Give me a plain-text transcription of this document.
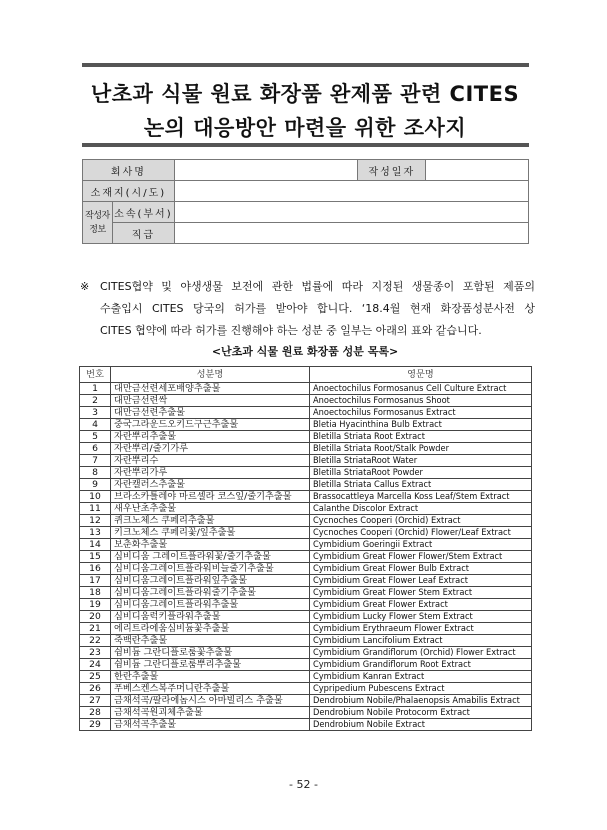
난초과 식물 원료 화장품 완제품 관련 CITES
논의 대응방안 마련을 위한 조사지
회사명			작성일자	
소재지(시/도)				
작성자 정보	소속(부서)			
	직급			
※ CITES협약 및 야생생물 보전에 관한 법률에 따라 지정된 생물종이 포함된 제품의
수출입시 CITES 당국의 허가를 받아야 합니다. ‘18.4월 현재 화장품성분사전 상
CITES 협약에 따라 허가를 진행해야 하는 성분 중 일부는 아래의 표와 같습니다.
<난초과 식물 원료 화장품 성분 목록>
번호	성분명	영문명
1	대만금선련세포배양추출물	Anoectochilus Formosanus Cell Culture Extract
2	대만금선련싹	Anoectochilus Formosanus Shoot
3	대만금선련추출물	Anoectochilus Formosanus Extract
4	중국그라운드오키드구근추출물	Bletia Hyacinthina Bulb Extract
5	자란뿌리추출물	Bletilla Striata Root Extract
6	자란뿌리/줄기가루	Bletilla Striata Root/Stalk Powder
7	자란뿌리수	Bletilla StriataRoot Water
8	자란뿌리가루	Bletilla StriataRoot Powder
9	자란캘러스추출물	Bletilla Striata Callus Extract
10	브라소카틀레야 마르셀라 코스잎/줄기추출물	Brassocattleya Marcella Koss Leaf/Stem Extract
11	새우난초추출물	Calanthe Discolor Extract
12	퀴크노체스 쿠페리추출물	Cycnoches Cooperi (Orchid) Extract
13	키크노체스 쿠페리꽃/잎추출물	Cycnoches Cooperi (Orchid) Flower/Leaf Extract
14	보춘화추출물	Cymbidium Goeringii Extract
15	심비디움 그레이트플라워꽃/줄기추출물	Cymbidium Great Flower Flower/Stem Extract
16	심비디움그레이트플라워비늘줄기추출물	Cymbidium Great Flower Bulb Extract
17	심비디움그레이트플라워잎추출물	Cymbidium Great Flower Leaf Extract
18	심비디움그레이트플라워줄기추출물	Cymbidium Great Flower Stem Extract
19	심비디움그레이트플라워추출물	Cymbidium Great Flower Extract
20	심비디움럭키플라워추출물	Cymbidium Lucky Flower Stem Extract
21	에리트라에움심비듐꽃추출물	Cymbidium Erythraeum Flower Extract
22	죽백란추출물	Cymbidium Lancifolium Extract
23	쉼비듐 그란디플로룸꽃추출물	Cymbidium Grandiflorum (Orchid) Flower Extract
24	쉼비듐 그란디플로룸뿌리추출물	Cymbidium Grandiflorum Root Extract
25	한란추출물	Cymbidium Kanran Extract
26	푸베스켄스복주머니란추출물	Cypripedium Pubescens Extract
27	금채석곡/팔라에놉시스 아마빌리스 추출물	Dendrobium Nobile/Phalaenopsis Amabilis Extract
28	금채석곡원괴체추출물	Dendrobium Nobile Protocorm Extract
29	금채석곡추출물	Dendrobium Nobile Extract
- 52 -
